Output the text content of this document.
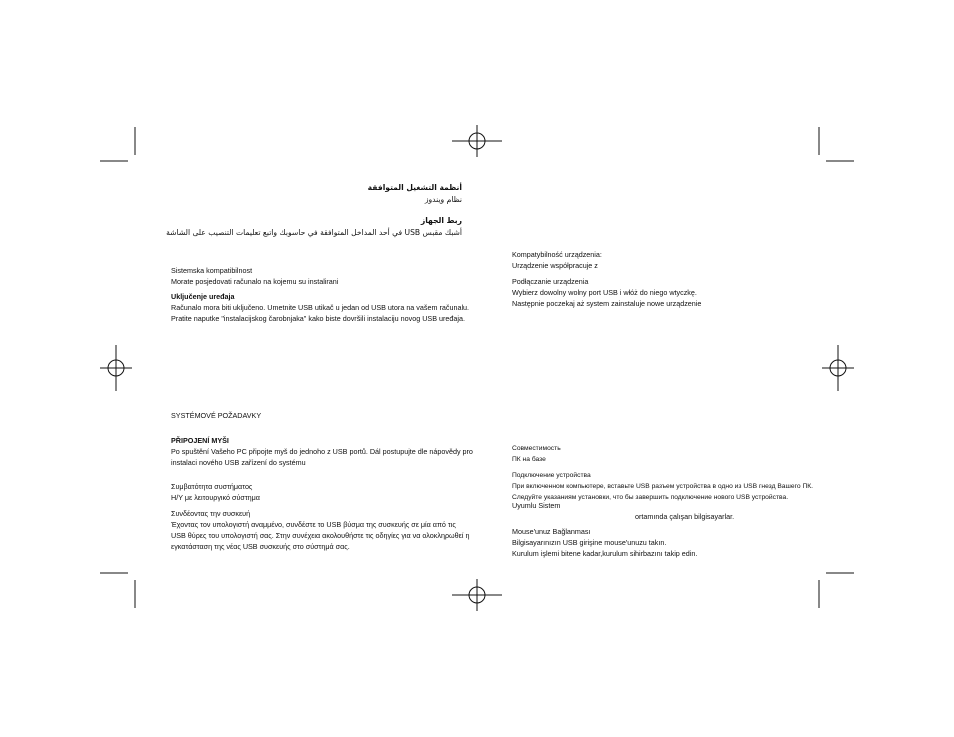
أنظمة التشغيل المتوافقة
نظام ويندوز
ربط الجهاز
أشبك مقبس USB في أحد المداخل المتوافقة في حاسوبك واتبع تعليمات التنصيب على الشاشة
Sistemska kompatibilnost
Morate posjedovati računalo na kojemu su instalirani
Uključenje uređaja
Računalo mora biti uključeno. Umetnite USB utikač u jedan od USB utora na vašem računalu.
Pratite naputke "instalacijskog čarobnjaka" kako biste dovršili instalaciju novog USB uređaja.
SYSTÉMOVÉ POŽADAVKY
PŘIPOJENÍ MYŠI
Po spuštění Vašeho PC připojte myš do jednoho z USB portů. Dál postupujte dle nápovědy pro
instalaci nového USB zařízení do systému
Συμβατότητα συστήματος
Η/Υ με λειτουργικό σύστημα
Συνδέοντας την συσκευή
Έχοντας τον υπολογιστή αναμμένο, συνδέστε το USB βύσμα της συσκευής σε μία από τις
USB θύρες του υπολογιστή σας. Στην συνέχεια ακολουθήστε τις οδηγίες για να ολοκληρωθεί η
εγκατάσταση της νέας USB συσκευής στο σύστημά σας.
Kompatybilność urządzenia:
Urządzenie współpracuje z
Podłączanie urządzenia
Wybierz dowolny wolny port USB i włóż do niego wtyczkę.
Następnie poczekaj aż system zainstaluje nowe urządzenie
Совместимость
ПК на базе
Подключение устройства
При включенном компьютере, вставьте USB разъем устройства в одно из USB гнезд Вашего ПК.
Следуйте указаниям установки, что бы завершить подключение нового USB устройства.
Uyumlu Sistem
ortamında çalışan bilgisayarlar.
Mouse'unuz Bağlanması
Bilgisayarınızın USB girişine mouse'unuzu takın.
Kurulum işlemi bitene kadar,kurulum sihirbazını takip edin.
